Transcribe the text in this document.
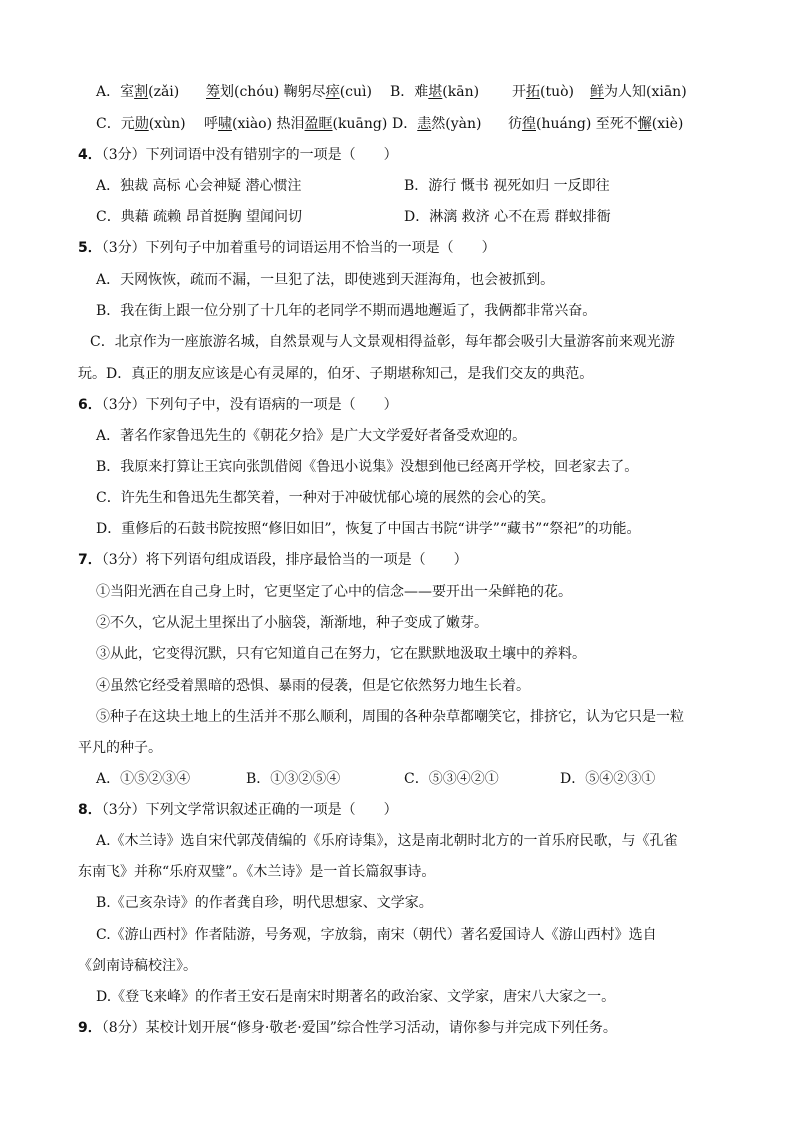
A．室割(zǎi) 筹划(chóu) 鞠躬尽瘁(cuì) B．难堪(kān) 开拓(tuò) 鲜为人知(xiān)
C．元勋(xùn) 呼啸(xiào) 热泪盈眶(kuāng) D．恚然(yàn) 彷徨(huáng) 至死不懈(xiè)
4．（3分）下列词语中没有错别字的一项是（　　）
A．独裁 高标 心会神疑 潜心惯注	B．游行 慨书 视死如归 一反即往
C．典藉 疏赖 昂首挺胸 望闻问切	D．淋漓 救济 心不在焉 群蚁排衙
5．（3分）下列句子中加着重号的词语运用不恰当的一项是（　　）
A．天网恢恢，疏而不漏，一旦犯了法，即使逃到天涯海角，也会被抓到。
B．我在街上跟一位分别了十几年的老同学不期而遇地邂逅了，我俩都非常兴奋。
C．北京作为一座旅游名城，自然景观与人文景观相得益彰，每年都会吸引大量游客前来观光游
玩。D．真正的朋友应该是心有灵犀的，伯牙、子期堪称知己，是我们交友的典范。
6．（3分）下列句子中，没有语病的一项是（　　）
A．著名作家鲁迅先生的《朝花夕拾》是广大文学爱好者备受欢迎的。
B．我原来打算让王宾向张凯借阅《鲁迅小说集》没想到他已经离开学校，回老家去了。
C．许先生和鲁迅先生都笑着，一种对于冲破忧郁心境的展然的会心的笑。
D．重修后的石鼓书院按照“修旧如旧”，恢复了中国古书院“讲学”“藏书”“祭祀”的功能。
7．（3分）将下列语句组成语段，排序最恰当的一项是（　　）
①当阳光洒在自己身上时，它更坚定了心中的信念——要开出一朵鲜艳的花。
②不久，它从泥土里探出了小脑袋，渐渐地，种子变成了嫩芽。
③从此，它变得沉默，只有它知道自己在努力，它在默默地汲取土壤中的养料。
④虽然它经受着黑暗的恐惧、暴雨的侵袭，但是它依然努力地生长着。
⑤种子在这块土地上的生活并不那么顺利，周围的各种杂草都嘲笑它，排挤它，认为它只是一粒
平凡的种子。
A．①⑤②③④	B．①③②⑤④	C．⑤③④②①	D．⑤④②③①
8．（3分）下列文学常识叙述正确的一项是（　　）
A.《木兰诗》选自宋代郭茂倩编的《乐府诗集》，这是南北朝时北方的一首乐府民歌，与《孔雀
东南飞》并称“乐府双璧”。《木兰诗》是一首长篇叙事诗。
B.《己亥杂诗》的作者龚自珍，明代思想家、文学家。
C.《游山西村》作者陆游，号务观，字放翁，南宋（朝代）著名爱国诗人《游山西村》选自
《剑南诗稿校注》。
D.《登飞来峰》的作者王安石是南宋时期著名的政治家、文学家，唐宋八大家之一。
9．（8分）某校计划开展“修身·敬老·爱国”综合性学习活动，请你参与并完成下列任务。
